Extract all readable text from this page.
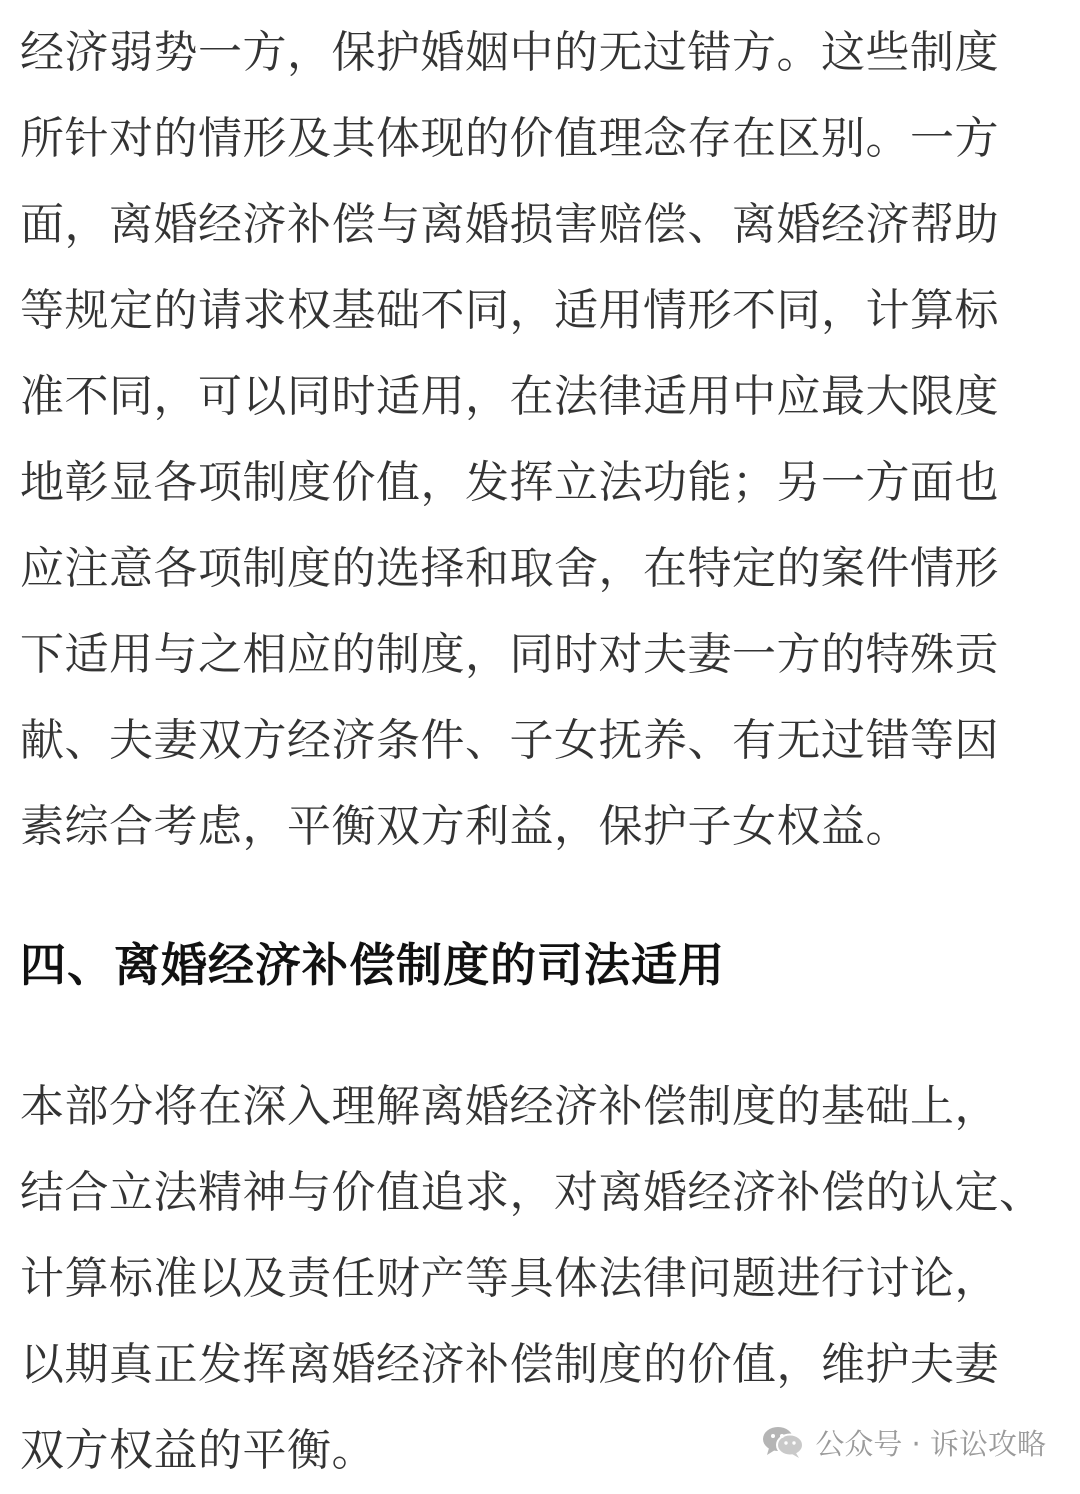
经济弱势一方，保护婚姻中的无过错方。这些制度
所针对的情形及其体现的价值理念存在区别。一方
面，离婚经济补偿与离婚损害赔偿、离婚经济帮助
等规定的请求权基础不同，适用情形不同，计算标
准不同，可以同时适用，在法律适用中应最大限度
地彰显各项制度价值，发挥立法功能；另一方面也
应注意各项制度的选择和取舍，在特定的案件情形
下适用与之相应的制度，同时对夫妻一方的特殊贡
献、夫妻双方经济条件、子女抚养、有无过错等因
素综合考虑，平衡双方利益，保护子女权益。
四、离婚经济补偿制度的司法适用
本部分将在深入理解离婚经济补偿制度的基础上，
结合立法精神与价值追求，对离婚经济补偿的认定、
计算标准以及责任财产等具体法律问题进行讨论，
以期真正发挥离婚经济补偿制度的价值，维护夫妻
双方权益的平衡。	公众号 · 诉讼攻略
